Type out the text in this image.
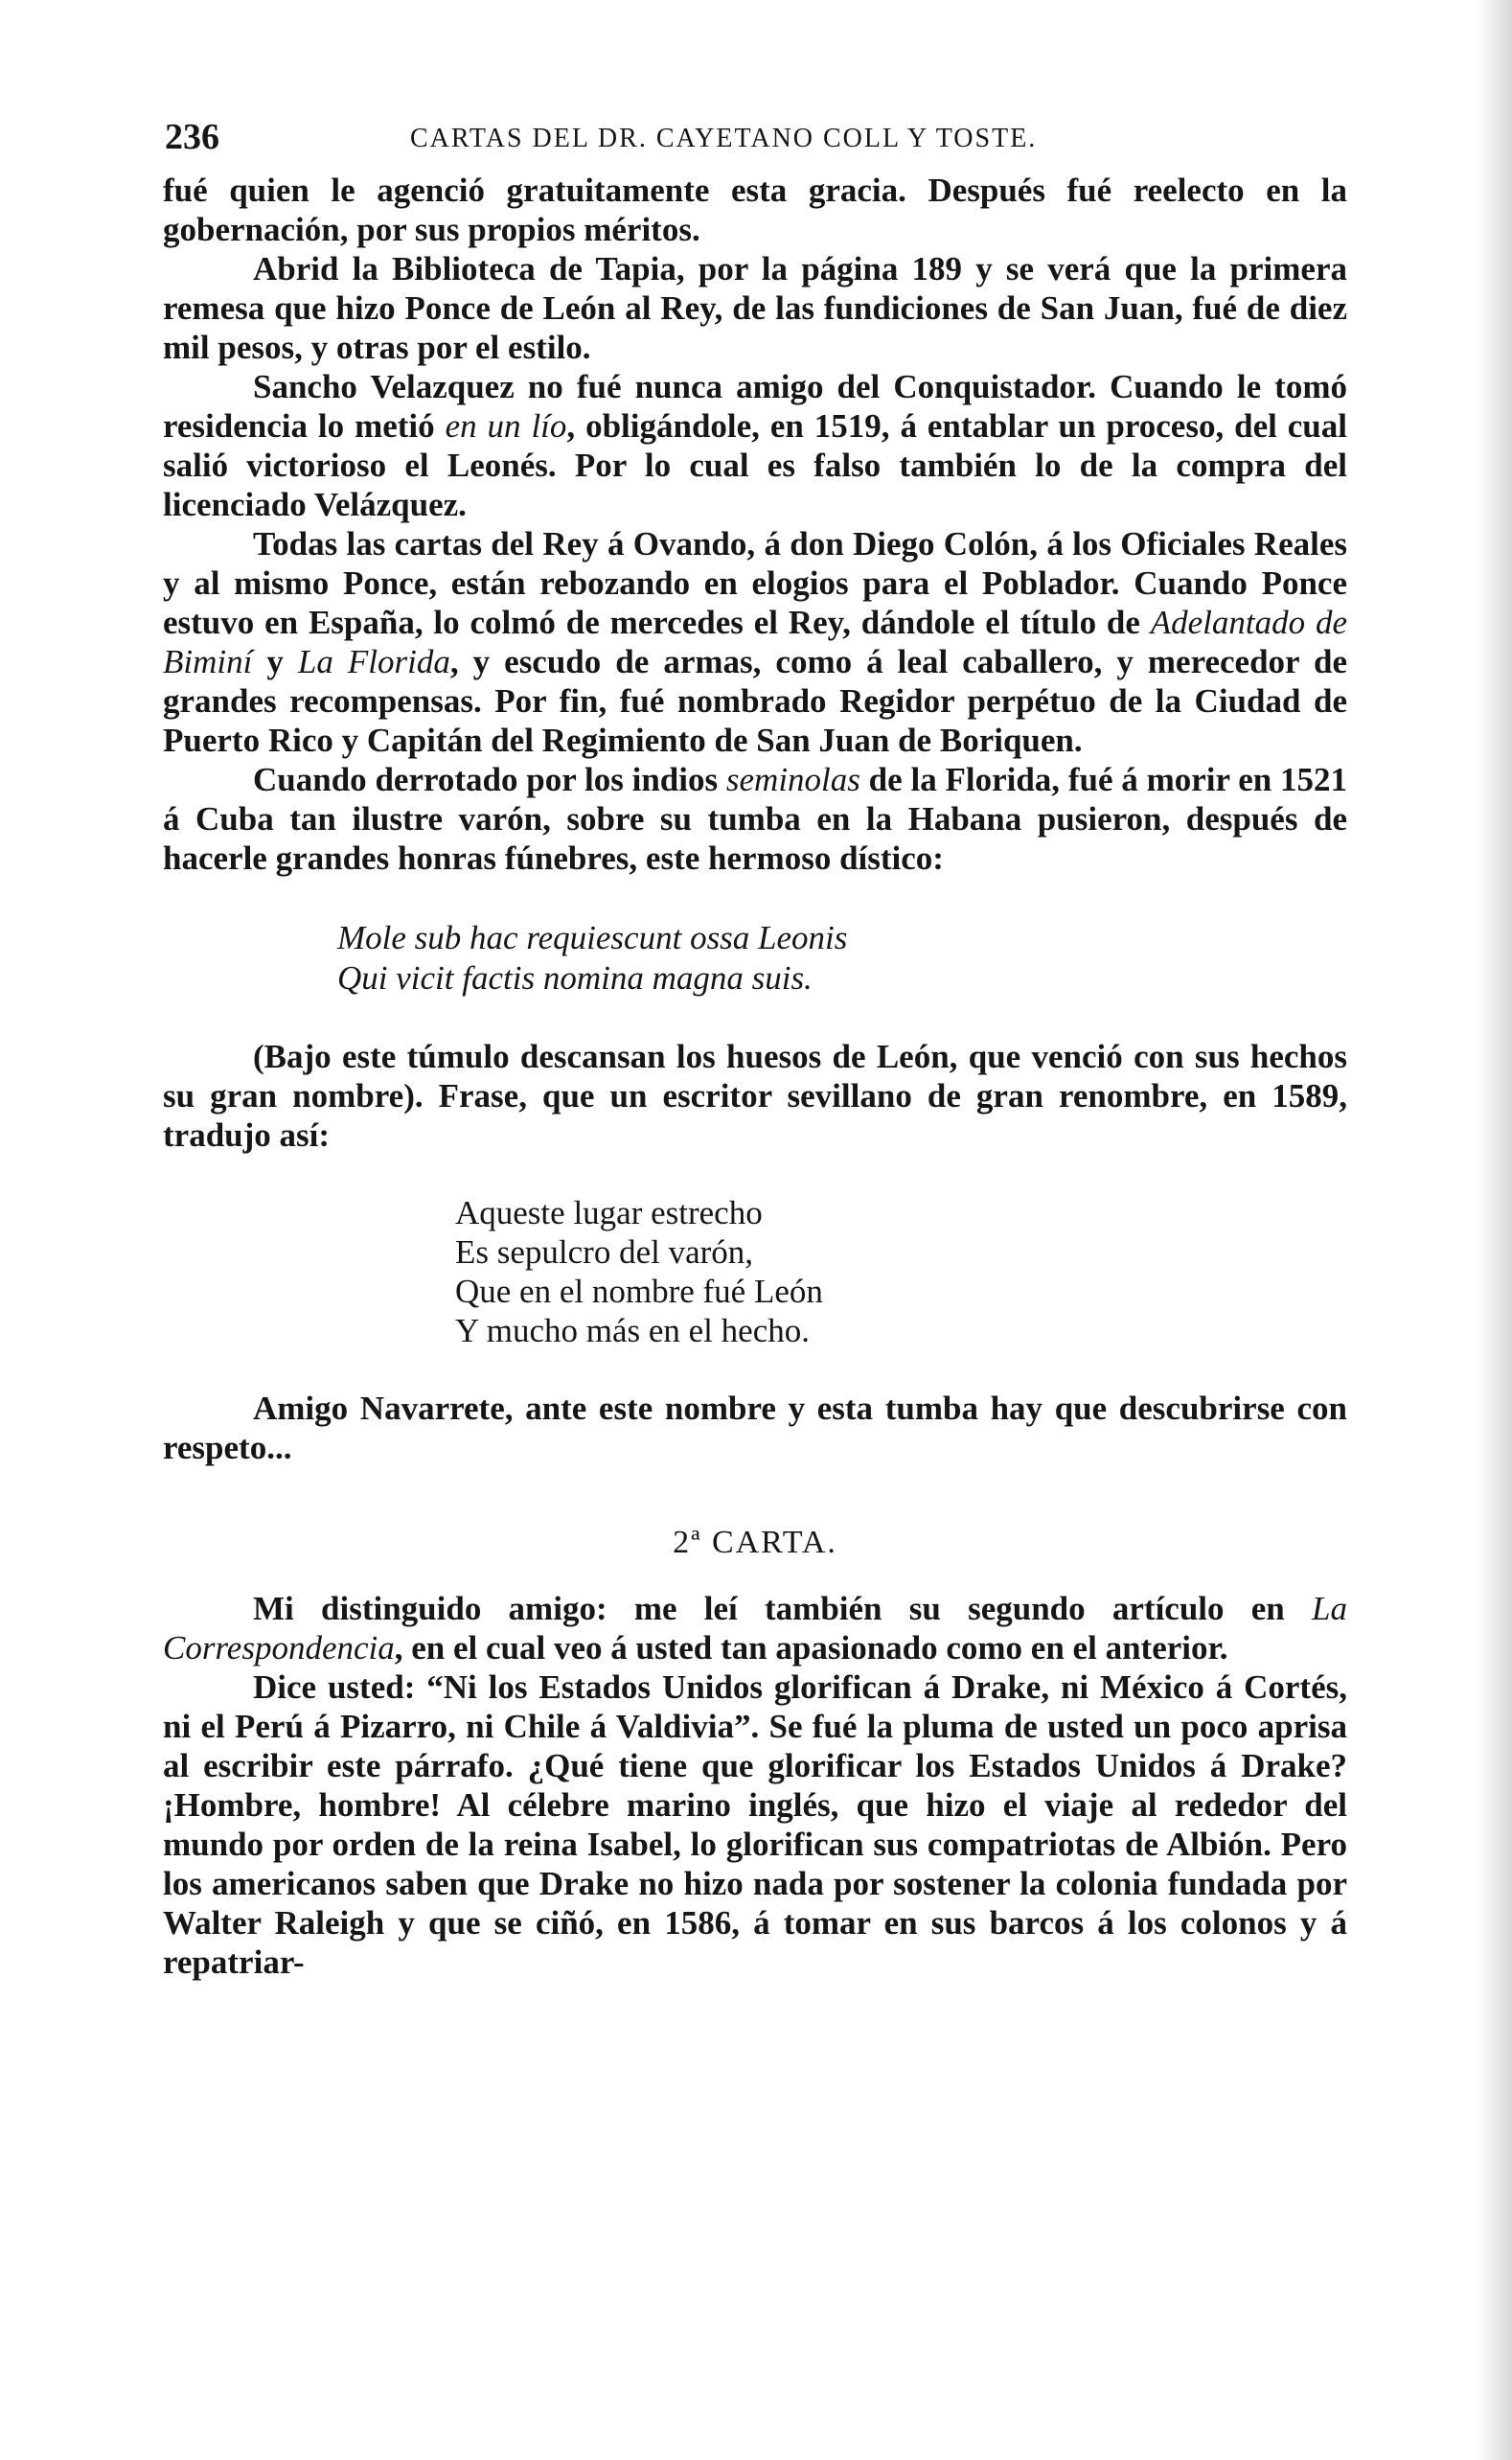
236	CARTAS DEL DR. CAYETANO COLL Y TOSTE.

fué quien le agenció gratuitamente esta gracia. Después fué reelecto en la gobernación, por sus propios méritos.

Abrid la Biblioteca de Tapia, por la página 189 y se verá que la primera remesa que hizo Ponce de León al Rey, de las fundiciones de San Juan, fué de diez mil pesos, y otras por el estilo.

Sancho Velazquez no fué nunca amigo del Conquistador. Cuando le tomó residencia lo metió en un lío, obligándole, en 1519, á entablar un proceso, del cual salió victorioso el Leonés. Por lo cual es falso también lo de la compra del licenciado Velázquez.

Todas las cartas del Rey á Ovando, á don Diego Colón, á los Oficiales Reales y al mismo Ponce, están rebozando en elogios para el Poblador. Cuando Ponce estuvo en España, lo colmó de mercedes el Rey, dándole el título de Adelantado de Biminí y La Florida, y escudo de armas, como á leal caballero, y merecedor de grandes recompensas. Por fin, fué nombrado Regidor perpétuo de la Ciudad de Puerto Rico y Capitán del Regimiento de San Juan de Boriquen.

Cuando derrotado por los indios seminolas de la Florida, fué á morir en 1521 á Cuba tan ilustre varón, sobre su tumba en la Habana pusieron, después de hacerle grandes honras fúnebres, este hermoso dístico:

Mole sub hac requiescunt ossa Leonis
Qui vicit factis nomina magna suis.

(Bajo este túmulo descansan los huesos de León, que venció con sus hechos su gran nombre). Frase, que un escritor sevillano de gran renombre, en 1589, tradujo así:

Aqueste lugar estrecho
Es sepulcro del varón,
Que en el nombre fué León
Y mucho más en el hecho.

Amigo Navarrete, ante este nombre y esta tumba hay que descubrirse con respeto...

2ª CARTA.

Mi distinguido amigo: me leí también su segundo artículo en La Correspondencia, en el cual veo á usted tan apasionado como en el anterior.

Dice usted: “Ni los Estados Unidos glorifican á Drake, ni México á Cortés, ni el Perú á Pizarro, ni Chile á Valdivia”. Se fué la pluma de usted un poco aprisa al escribir este párrafo. ¿Qué tiene que glorificar los Estados Unidos á Drake? ¡Hombre, hombre! Al célebre marino inglés, que hizo el viaje al rededor del mundo por orden de la reina Isabel, lo glorifican sus compatriotas de Albión. Pero los americanos saben que Drake no hizo nada por sostener la colonia fundada por Walter Raleigh y que se ciñó, en 1586, á tomar en sus barcos á los colonos y á repatriar-
